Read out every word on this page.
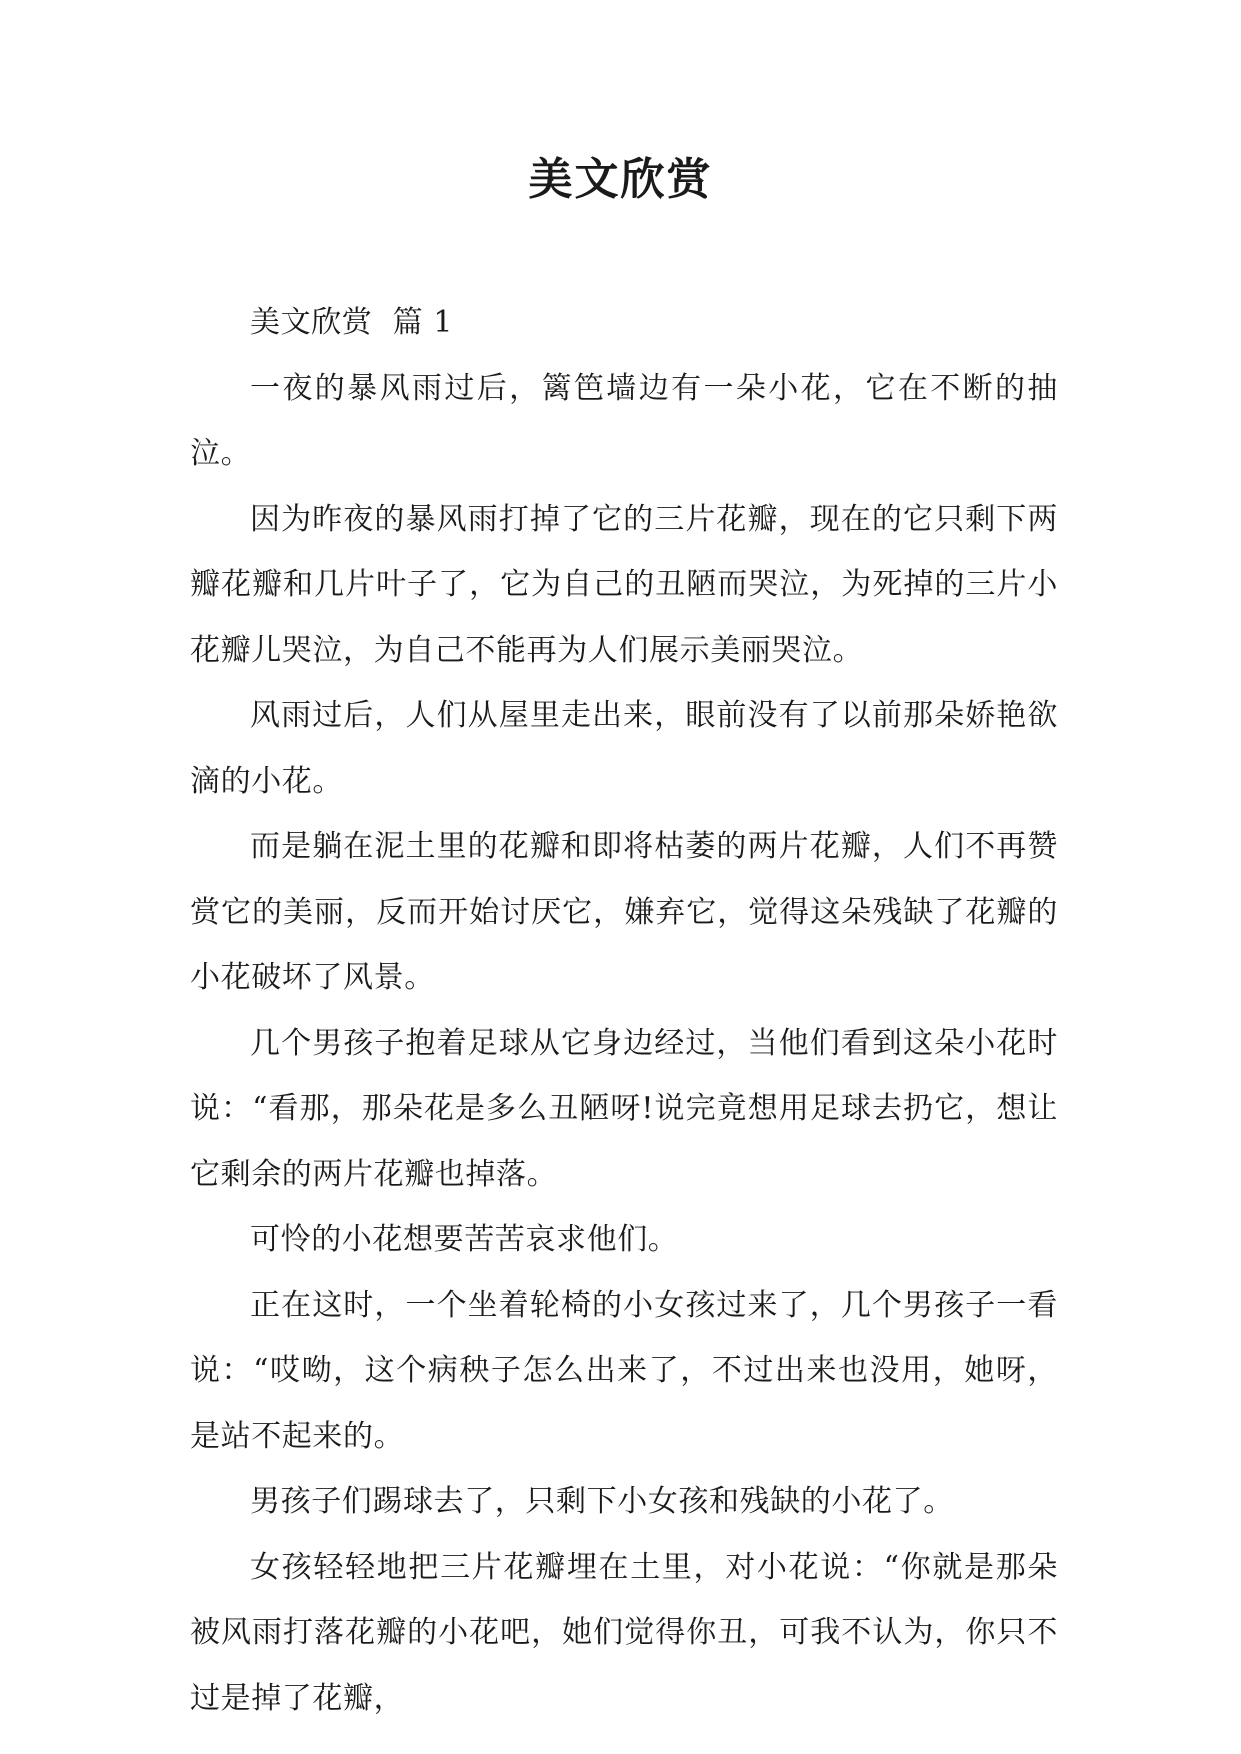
美文欣赏

美文欣赏  篇 1

一夜的暴风雨过后，篱笆墙边有一朵小花，它在不断的抽泣。

因为昨夜的暴风雨打掉了它的三片花瓣，现在的它只剩下两瓣花瓣和几片叶子了，它为自己的丑陋而哭泣，为死掉的三片小花瓣儿哭泣，为自己不能再为人们展示美丽哭泣。

风雨过后，人们从屋里走出来，眼前没有了以前那朵娇艳欲滴的小花。

而是躺在泥土里的花瓣和即将枯萎的两片花瓣，人们不再赞赏它的美丽，反而开始讨厌它，嫌弃它，觉得这朵残缺了花瓣的小花破坏了风景。

几个男孩子抱着足球从它身边经过，当他们看到这朵小花时说：“看那，那朵花是多么丑陋呀!说完竟想用足球去扔它，想让它剩余的两片花瓣也掉落。

可怜的小花想要苦苦哀求他们。

正在这时，一个坐着轮椅的小女孩过来了，几个男孩子一看说：“哎呦，这个病秧子怎么出来了，不过出来也没用，她呀，是站不起来的。

男孩子们踢球去了，只剩下小女孩和残缺的小花了。

女孩轻轻地把三片花瓣埋在土里，对小花说：“你就是那朵被风雨打落花瓣的小花吧，她们觉得你丑，可我不认为，你只不过是掉了花瓣，
